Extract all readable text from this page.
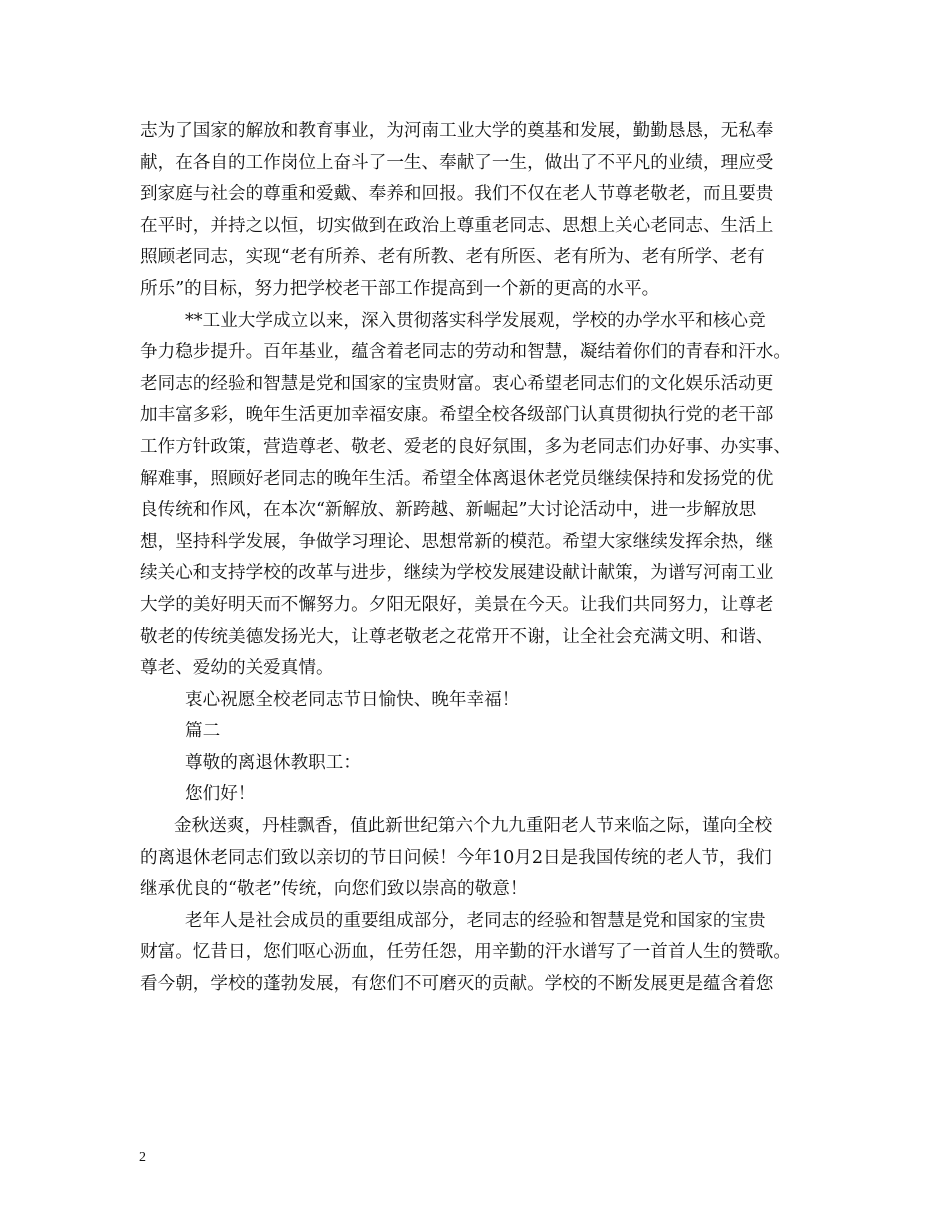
志为了国家的解放和教育事业，为河南工业大学的奠基和发展，勤勤恳恳，无私奉
献，在各自的工作岗位上奋斗了一生、奉献了一生，做出了不平凡的业绩，理应受
到家庭与社会的尊重和爱戴、奉养和回报。我们不仅在老人节尊老敬老，而且要贵
在平时，并持之以恒，切实做到在政治上尊重老同志、思想上关心老同志、生活上
照顾老同志，实现“老有所养、老有所教、老有所医、老有所为、老有所学、老有
所乐”的目标，努力把学校老干部工作提高到一个新的更高的水平。
**工业大学成立以来，深入贯彻落实科学发展观，学校的办学水平和核心竞
争力稳步提升。百年基业，蕴含着老同志的劳动和智慧，凝结着你们的青春和汗水。
老同志的经验和智慧是党和国家的宝贵财富。衷心希望老同志们的文化娱乐活动更
加丰富多彩，晚年生活更加幸福安康。希望全校各级部门认真贯彻执行党的老干部
工作方针政策，营造尊老、敬老、爱老的良好氛围，多为老同志们办好事、办实事、
解难事，照顾好老同志的晚年生活。希望全体离退休老党员继续保持和发扬党的优
良传统和作风，在本次“新解放、新跨越、新崛起”大讨论活动中，进一步解放思
想，坚持科学发展，争做学习理论、思想常新的模范。希望大家继续发挥余热，继
续关心和支持学校的改革与进步，继续为学校发展建设献计献策，为谱写河南工业
大学的美好明天而不懈努力。夕阳无限好，美景在今天。让我们共同努力，让尊老
敬老的传统美德发扬光大，让尊老敬老之花常开不谢，让全社会充满文明、和谐、
尊老、爱幼的关爱真情。
衷心祝愿全校老同志节日愉快、晚年幸福！
篇二
尊敬的离退休教职工：
您们好！
金秋送爽，丹桂飘香，值此新世纪第六个九九重阳老人节来临之际，谨向全校
的离退休老同志们致以亲切的节日问候！今年10月2日是我国传统的老人节，我们
继承优良的“敬老”传统，向您们致以崇高的敬意！
老年人是社会成员的重要组成部分，老同志的经验和智慧是党和国家的宝贵
财富。忆昔日，您们呕心沥血，任劳任怨，用辛勤的汗水谱写了一首首人生的赞歌。
看今朝，学校的蓬勃发展，有您们不可磨灭的贡献。学校的不断发展更是蕴含着您
2
